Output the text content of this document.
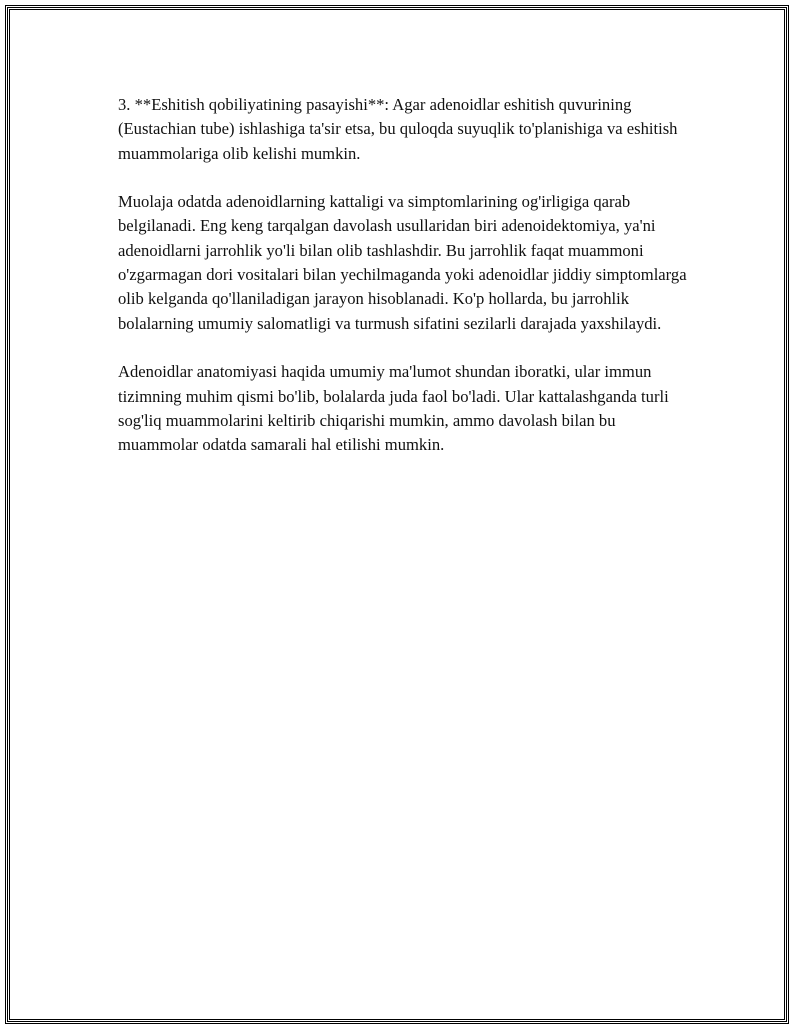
3. **Eshitish qobiliyatining pasayishi**: Agar adenoidlar eshitish quvurining (Eustachian tube) ishlashiga ta'sir etsa, bu quloqda suyuqlik to'planishiga va eshitish muammolariga olib kelishi mumkin.

Muolaja odatda adenoidlarning kattaligi va simptomlarining og'irligiga qarab belgilanadi. Eng keng tarqalgan davolash usullaridan biri adenoidektomiya, ya'ni adenoidlarni jarrohlik yo'li bilan olib tashlashdir. Bu jarrohlik faqat muammoni o'zgarmagan dori vositalari bilan yechilmaganda yoki adenoidlar jiddiy simptomlarga olib kelganda qo'llaniladigan jarayon hisoblanadi. Ko'p hollarda, bu jarrohlik bolalarning umumiy salomatligi va turmush sifatini sezilarli darajada yaxshilaydi.

Adenoidlar anatomiyasi haqida umumiy ma'lumot shundan iboratki, ular immun tizimning muhim qismi bo'lib, bolalarda juda faol bo'ladi. Ular kattalashganda turli sog'liq muammolarini keltirib chiqarishi mumkin, ammo davolash bilan bu muammolar odatda samarali hal etilishi mumkin.
